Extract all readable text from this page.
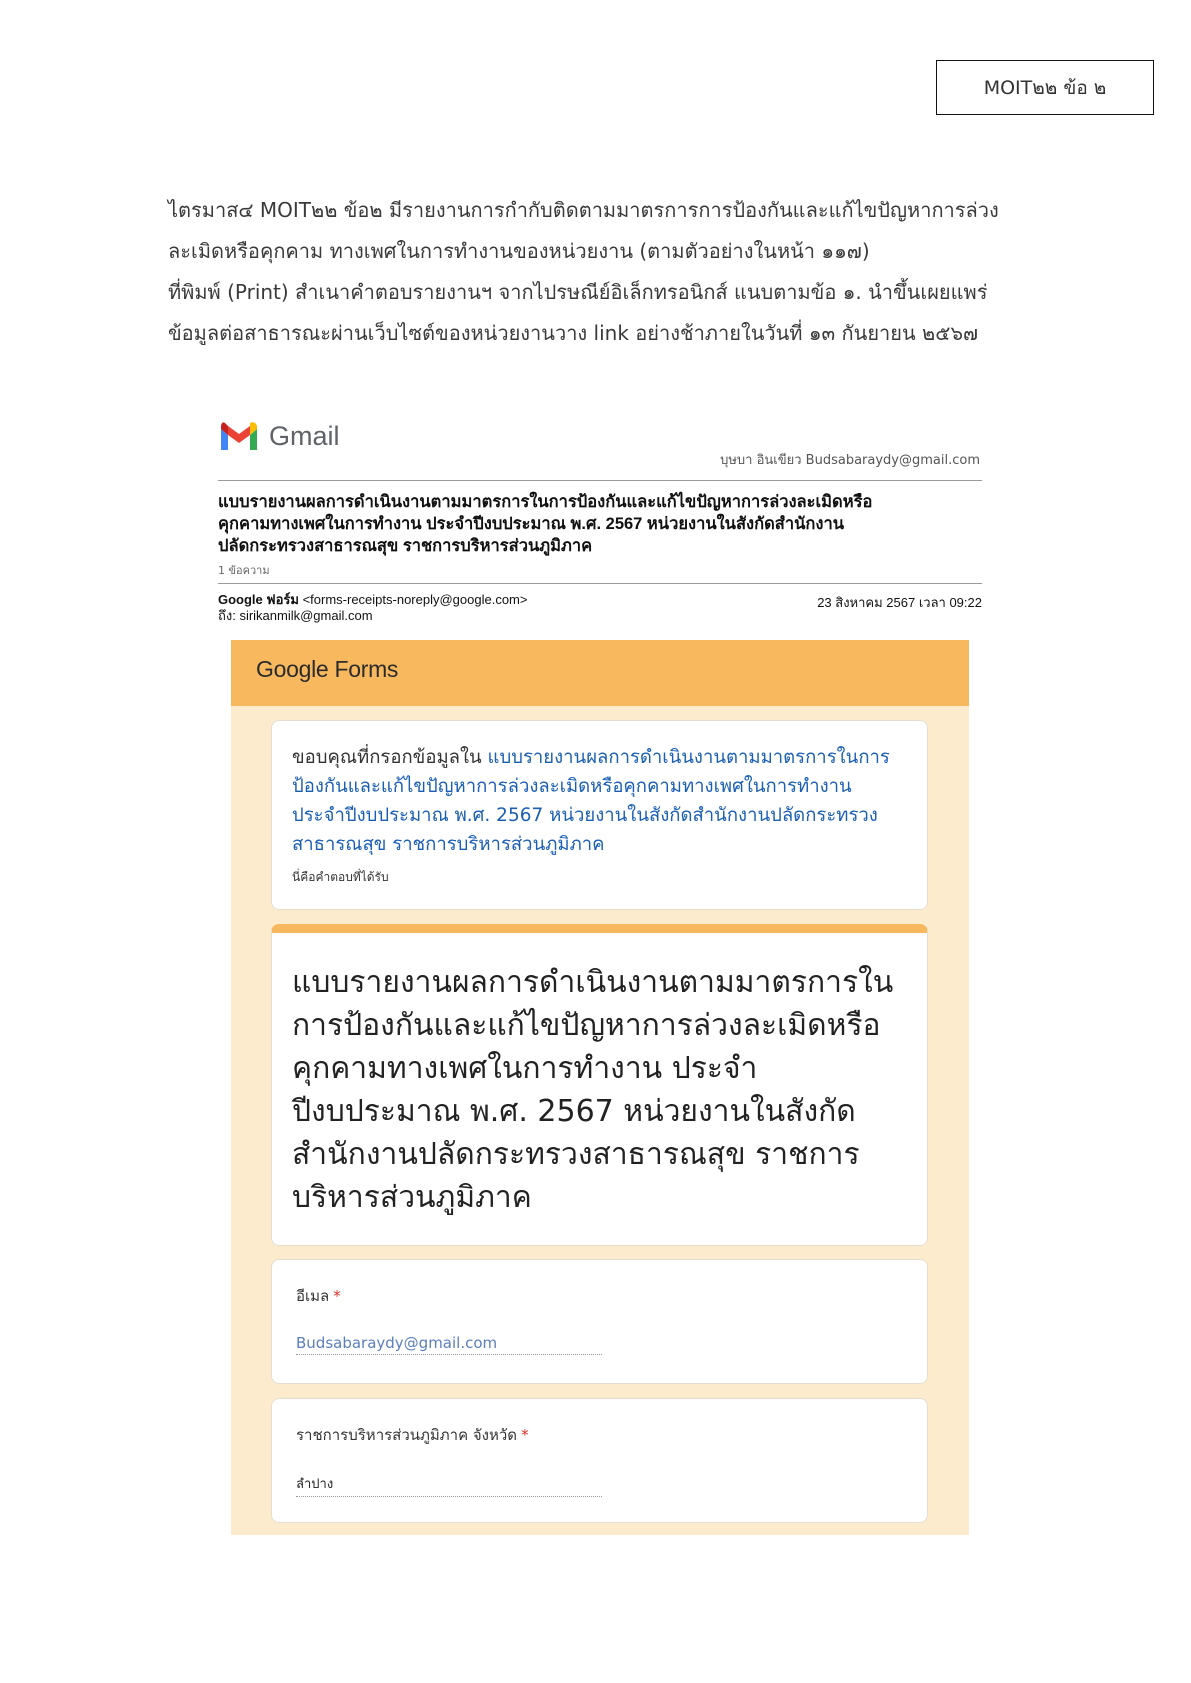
MOIT๒๒ ข้อ ๒

ไตรมาส๔ MOIT๒๒ ข้อ๒ มีรายงานการกำกับติดตามมาตรการการป้องกันและแก้ไขปัญหาการล่วง

ละเมิดหรือคุกคาม ทางเพศในการทำงานของหน่วยงาน (ตามตัวอย่างในหน้า ๑๑๗)

ที่พิมพ์ (Print) สำเนาคำตอบรายงานฯ จากไปรษณีย์อิเล็กทรอนิกส์ แนบตามข้อ ๑. นำขึ้นเผยแพร่

ข้อมูลต่อสาธารณะผ่านเว็บไซต์ของหน่วยงานวาง link อย่างช้าภายในวันที่ ๑๓ กันยายน ๒๕๖๗

Gmail
บุษบา อินเขียว Budsabaraydy@gmail.com
แบบรายงานผลการดำเนินงานตามมาตรการในการป้องกันและแก้ไขปัญหาการล่วงละเมิดหรือ
คุกคามทางเพศในการทำงาน ประจำปีงบประมาณ พ.ศ. 2567 หน่วยงานในสังกัดสำนักงาน
ปลัดกระทรวงสาธารณสุข ราชการบริหารส่วนภูมิภาค
1 ข้อความ
Google ฟอร์ม <forms-receipts-noreply@google.com>
ถึง: sirikanmilk@gmail.com
23 สิงหาคม 2567 เวลา 09:22
Google Forms
ขอบคุณที่กรอกข้อมูลใน แบบรายงานผลการดำเนินงานตามมาตรการในการป้องกันและแก้ไขปัญหาการล่วงละเมิดหรือคุกคามทางเพศในการทำงาน ประจำปีงบประมาณ พ.ศ. 2567 หน่วยงานในสังกัดสำนักงานปลัดกระทรวงสาธารณสุข ราชการบริหารส่วนภูมิภาค
นี่คือคำตอบที่ได้รับ
แบบรายงานผลการดำเนินงานตามมาตรการในการป้องกันและแก้ไขปัญหาการล่วงละเมิดหรือคุกคามทางเพศในการทำงาน ประจำปีงบประมาณ พ.ศ. 2567 หน่วยงานในสังกัดสำนักงานปลัดกระทรวงสาธารณสุข ราชการบริหารส่วนภูมิภาค
อีเมล *
Budsabaraydy@gmail.com
ราชการบริหารส่วนภูมิภาค จังหวัด *
ลำปาง
